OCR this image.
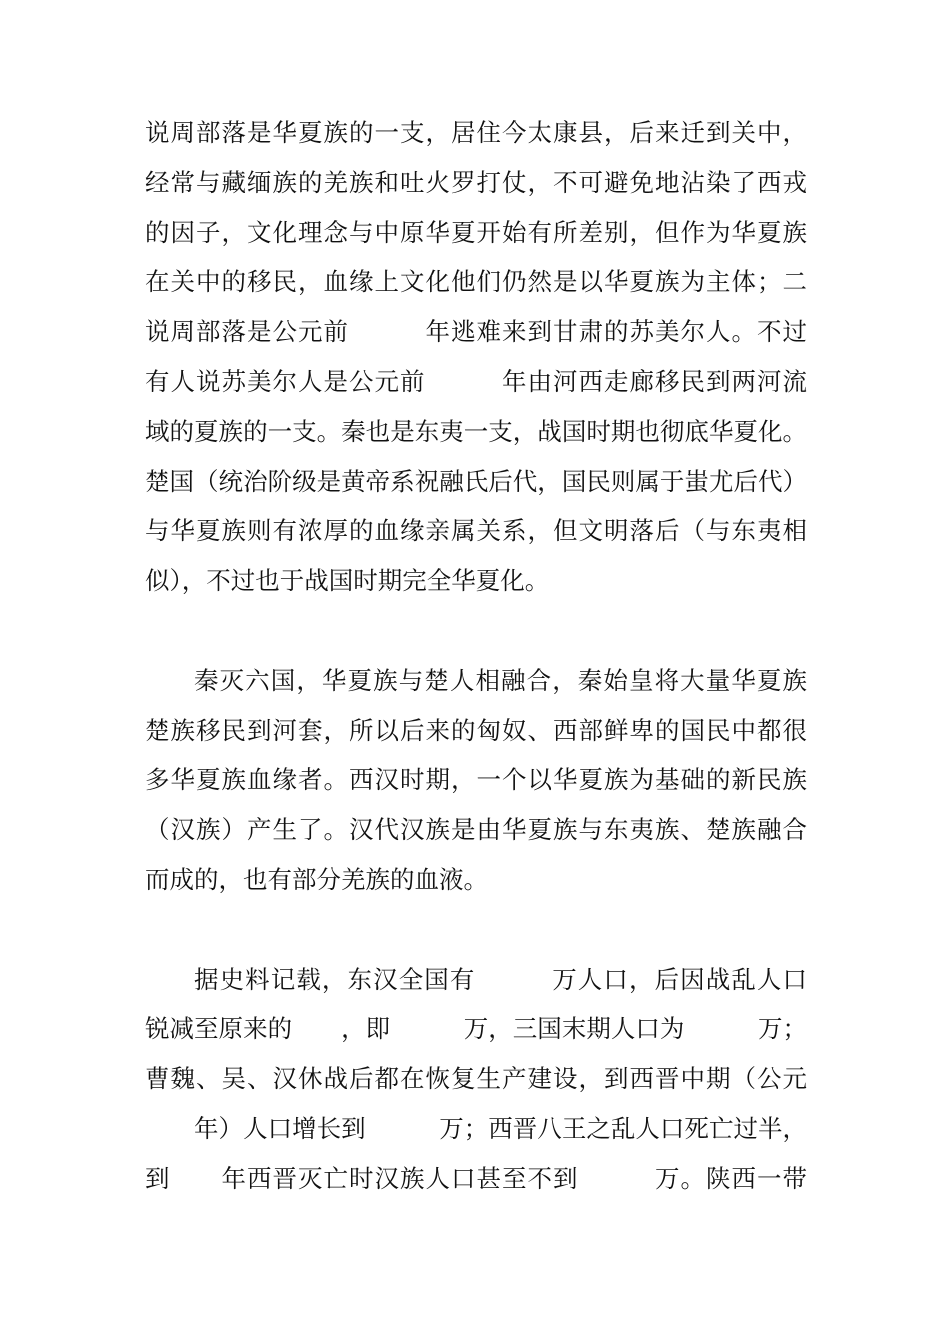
说周部落是华夏族的一支，居住今太康县，后来迁到关中，
经常与藏缅族的羌族和吐火罗打仗，不可避免地沾染了西戎
的因子，文化理念与中原华夏开始有所差别，但作为华夏族
在关中的移民，血缘上文化他们仍然是以华夏族为主体；二
说周部落是公元前　　　年逃难来到甘肃的苏美尔人。不过
有人说苏美尔人是公元前　　　年由河西走廊移民到两河流
域的夏族的一支。秦也是东夷一支，战国时期也彻底华夏化。
楚国（统治阶级是黄帝系祝融氏后代，国民则属于蚩尤后代）
与华夏族则有浓厚的血缘亲属关系，但文明落后（与东夷相
似），不过也于战国时期完全华夏化。
秦灭六国，华夏族与楚人相融合，秦始皇将大量华夏族
楚族移民到河套，所以后来的匈奴、西部鲜卑的国民中都很
多华夏族血缘者。西汉时期，一个以华夏族为基础的新民族
（汉族）产生了。汉代汉族是由华夏族与东夷族、楚族融合
而成的，也有部分羌族的血液。
据史料记载，东汉全国有　　　万人口，后因战乱人口
锐减至原来的　　，即　　　万，三国末期人口为　　　万；
曹魏、吴、汉休战后都在恢复生产建设，到西晋中期（公元
　　年）人口增长到　　　万；西晋八王之乱人口死亡过半，
到　　年西晋灭亡时汉族人口甚至不到　　　万。陕西一带
